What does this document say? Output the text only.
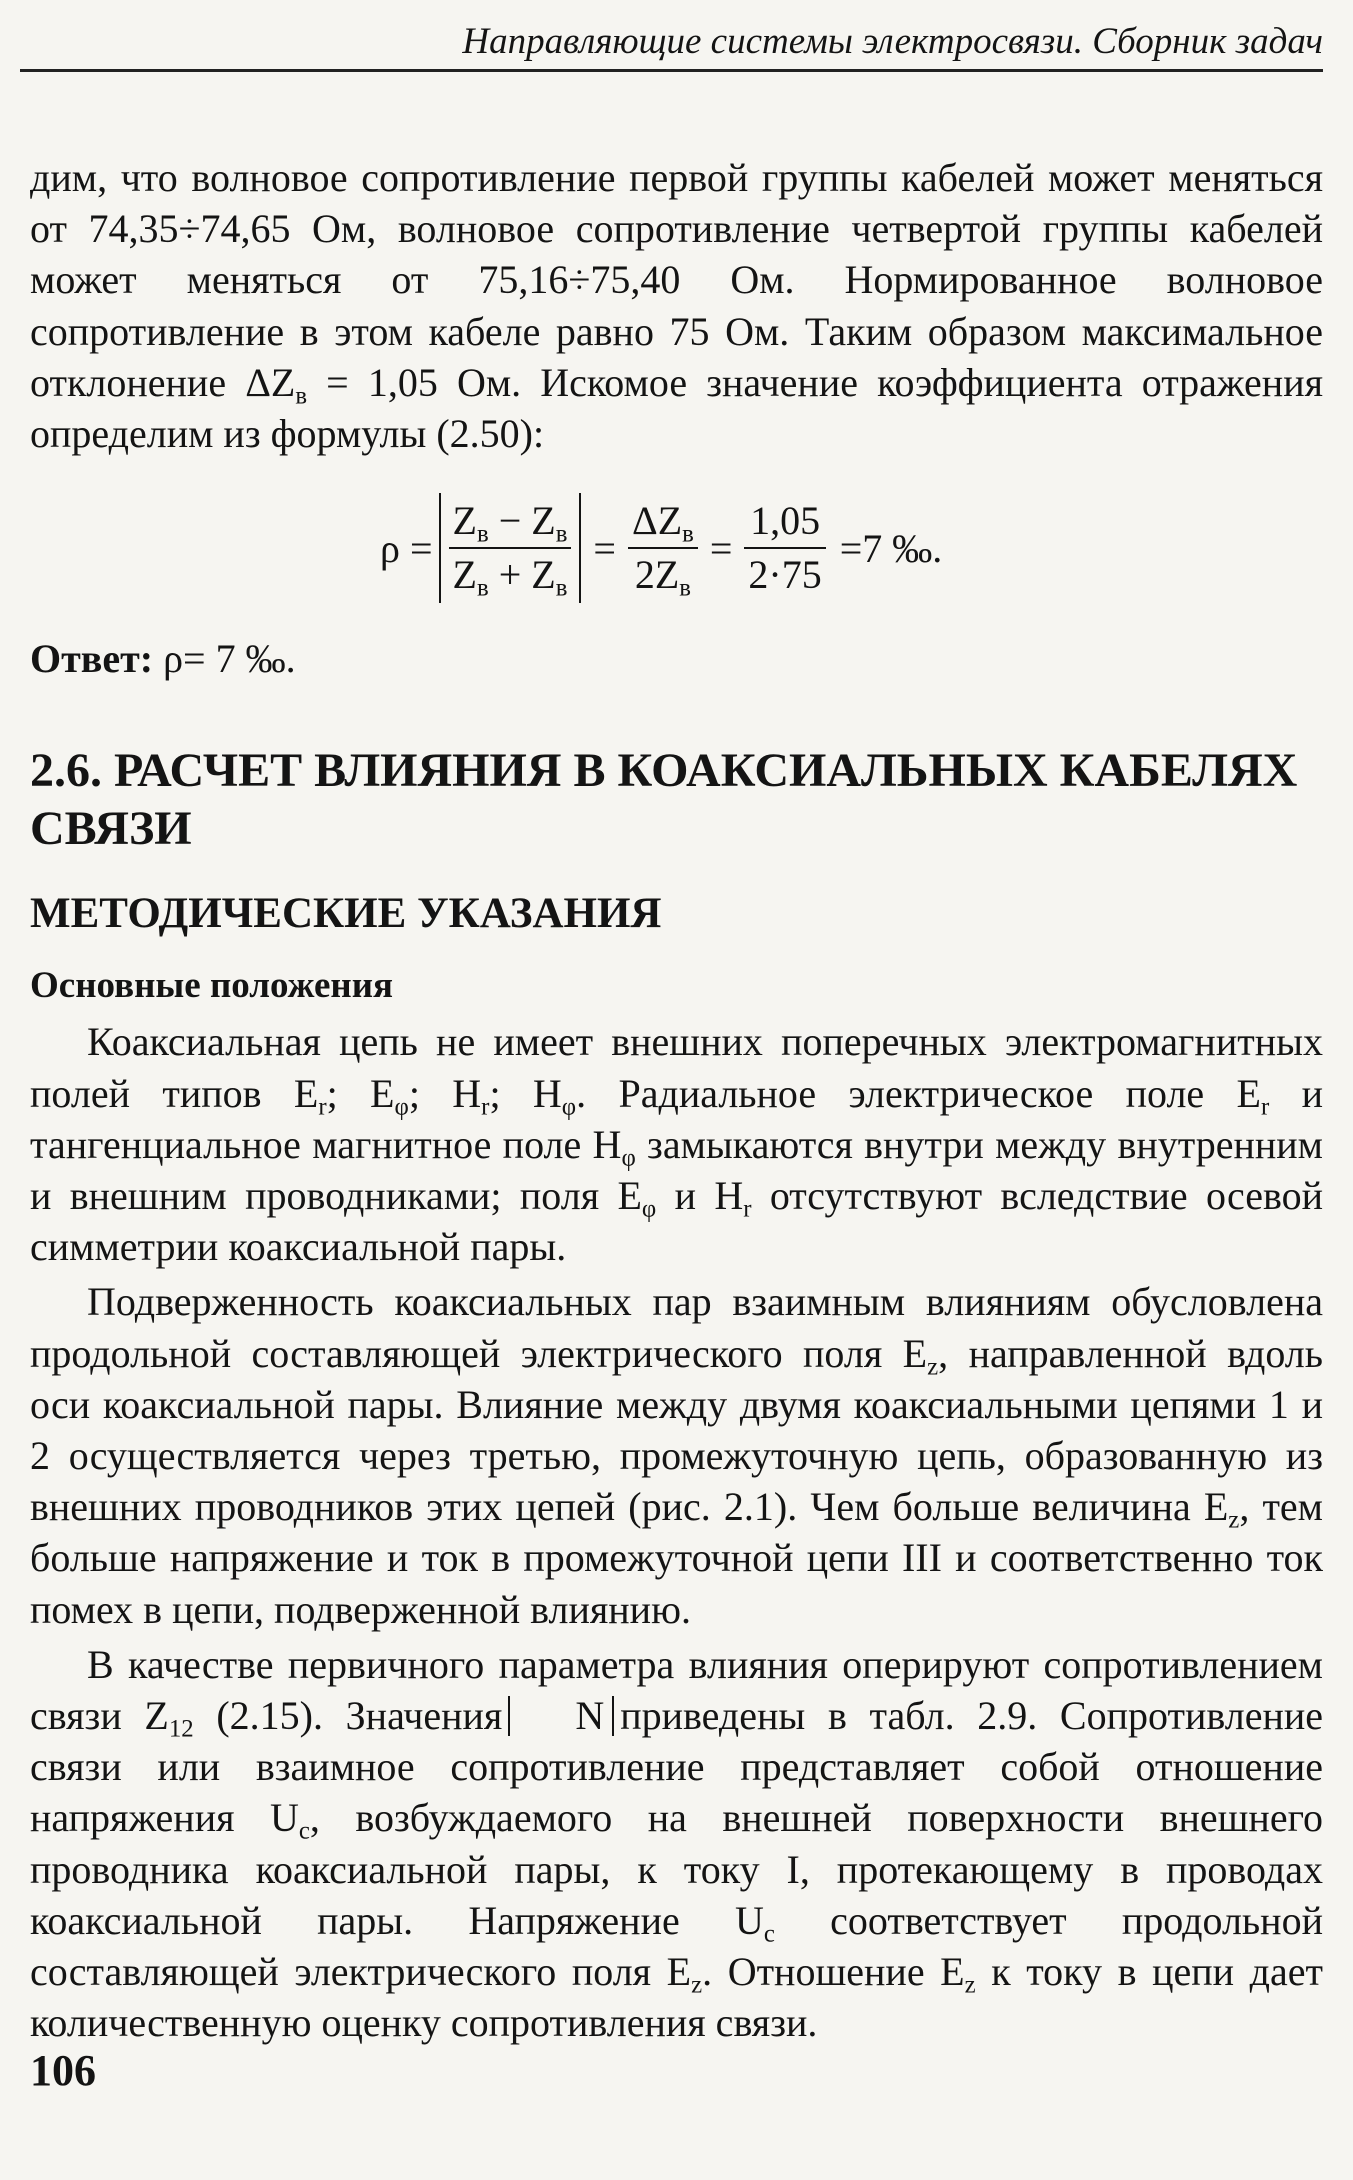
Направляющие системы электросвязи. Сборник задач

дим, что волновое сопротивление первой группы кабелей может меняться от 74,35÷74,65 Ом, волновое сопротивление четвертой группы кабелей может меняться от 75,16÷75,40 Ом. Нормированное волновое сопротивление в этом кабеле равно 75 Ом. Таким образом максимальное отклонение $\Delta Z_в = 1,05$ Ом. Искомое значение коэффициента отражения определим из формулы (2.50):

$\rho = \frac{Z_в - Z_в}{Z_в + Z_в} = \frac{\Delta Z_в}{2Z_в} = \frac{1,05}{2\cdot 75} =7$ ‰.

Ответ: ρ= 7 ‰.

2.6. РАСЧЕТ ВЛИЯНИЯ В КОАКСИАЛЬНЫХ КАБЕЛЯХ СВЯЗИ
МЕТОДИЧЕСКИЕ УКАЗАНИЯ
Основные положения

Коаксиальная цепь не имеет внешних поперечных электромагнитных полей типов $E_r$; $E_\varphi$; $H_r$; $H_\varphi$. Радиальное электрическое поле $E_r$ и тангенциальное магнитное поле $H_\varphi$ замыкаются внутри между внутренним и внешним проводниками; поля $E_\varphi$ и $H_r$ отсутствуют вследствие осевой симметрии коаксиальной пары.

Подверженность коаксиальных пар взаимным влияниям обусловлена продольной составляющей электрического поля $E_z$, направленной вдоль оси коаксиальной пары. Влияние между двумя коаксиальными цепями 1 и 2 осуществляется через третью, промежуточную цепь, образованную из внешних проводников этих цепей (рис. 2.1). Чем больше величина $E_z$, тем больше напряжение и ток в промежуточной цепи III и соответственно ток помех в цепи, подверженной влиянию.

В качестве первичного параметра влияния оперируют сопротивлением связи $Z_{12}$ (2.15). Значения N приведены в табл. 2.9. Сопротивление связи или взаимное сопротивление представляет собой отношение напряжения $U_c$, возбуждаемого на внешней поверхности внешнего проводника коаксиальной пары, к току I, протекающему в проводах коаксиальной пары. Напряжение $U_c$ соответствует продольной составляющей электрического поля $E_z$. Отношение $E_z$ к току в цепи дает количественную оценку сопротивления связи.

106
